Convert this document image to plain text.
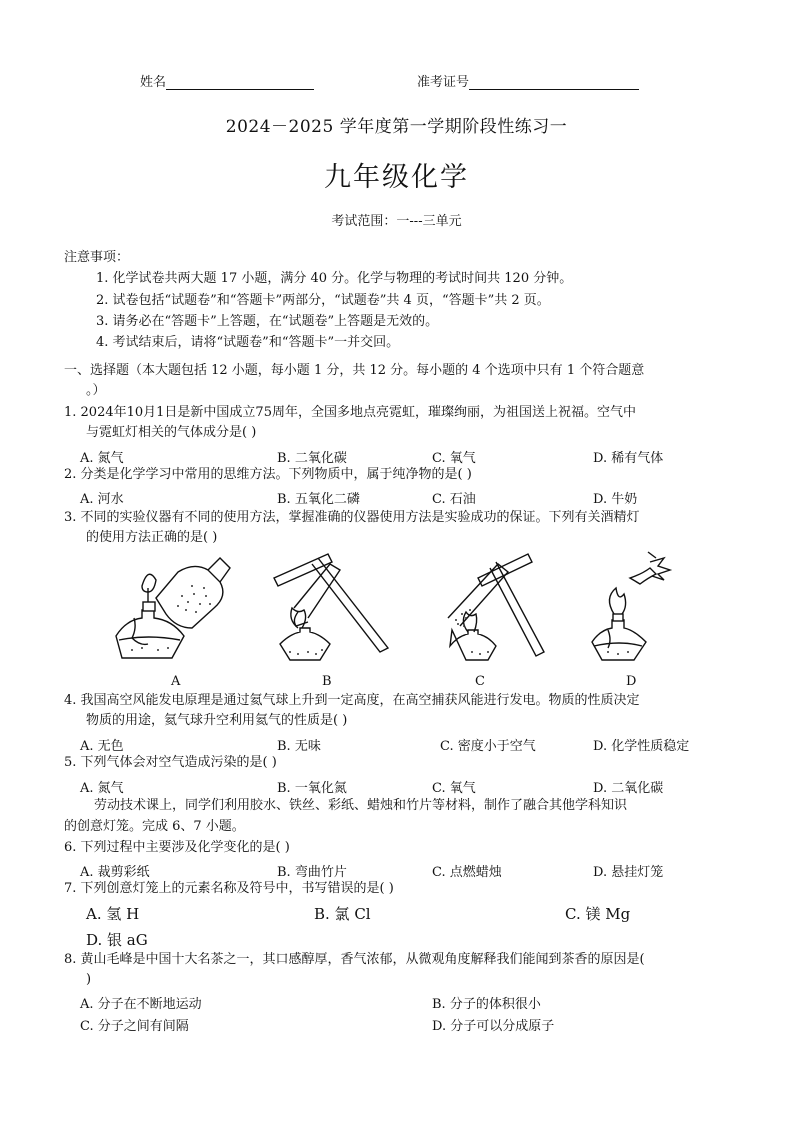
姓名	准考证号
2024－2025 学年度第一学期阶段性练习一
九年级化学
考试范围：一---三单元
注意事项：
1. 化学试卷共两大题 17 小题，满分 40 分。化学与物理的考试时间共 120 分钟。
2. 试卷包括“试题卷”和“答题卡”两部分，“试题卷”共 4 页，“答题卡”共 2 页。
3. 请务必在“答题卡”上答题，在“试题卷”上答题是无效的。
4. 考试结束后，请将“试题卷”和“答题卡”一并交回。
一、选择题（本大题包括 12 小题，每小题 1 分，共 12 分。每小题的 4 个选项中只有 1 个符合题意
。）
1. 2024年10月1日是新中国成立75周年，全国多地点亮霓虹，璀璨绚丽，为祖国送上祝福。空气中
与霓虹灯相关的气体成分是( )
A. 氮气	B. 二氧化碳	C. 氧气	D. 稀有气体
2. 分类是化学学习中常用的思维方法。下列物质中，属于纯净物的是( )
A. 河水	B. 五氧化二磷	C. 石油	D. 牛奶
3. 不同的实验仪器有不同的使用方法，掌握准确的仪器使用方法是实验成功的保证。下列有关酒精灯
的使用方法正确的是( )
A	B	C	D
4. 我国高空风能发电原理是通过氦气球上升到一定高度，在高空捕获风能进行发电。物质的性质决定
物质的用途，氦气球升空利用氦气的性质是( )
A. 无色	B. 无味	C. 密度小于空气	D. 化学性质稳定
5. 下列气体会对空气造成污染的是( )
A. 氮气	B. 一氧化氮	C. 氧气	D. 二氧化碳
劳动技术课上，同学们利用胶水、铁丝、彩纸、蜡烛和竹片等材料，制作了融合其他学科知识
的创意灯笼。完成 6、7 小题。
6. 下列过程中主要涉及化学变化的是( )
A. 裁剪彩纸	B. 弯曲竹片	C. 点燃蜡烛	D. 悬挂灯笼
7. 下列创意灯笼上的元素名称及符号中，书写错误的是( )
A. 氢 H	B. 氯 Cl	C. 镁 Mg
D. 银 aG
8. 黄山毛峰是中国十大名茶之一，其口感醇厚，香气浓郁，从微观角度解释我们能闻到茶香的原因是(
)
A. 分子在不断地运动	B. 分子的体积很小
C. 分子之间有间隔	D. 分子可以分成原子
